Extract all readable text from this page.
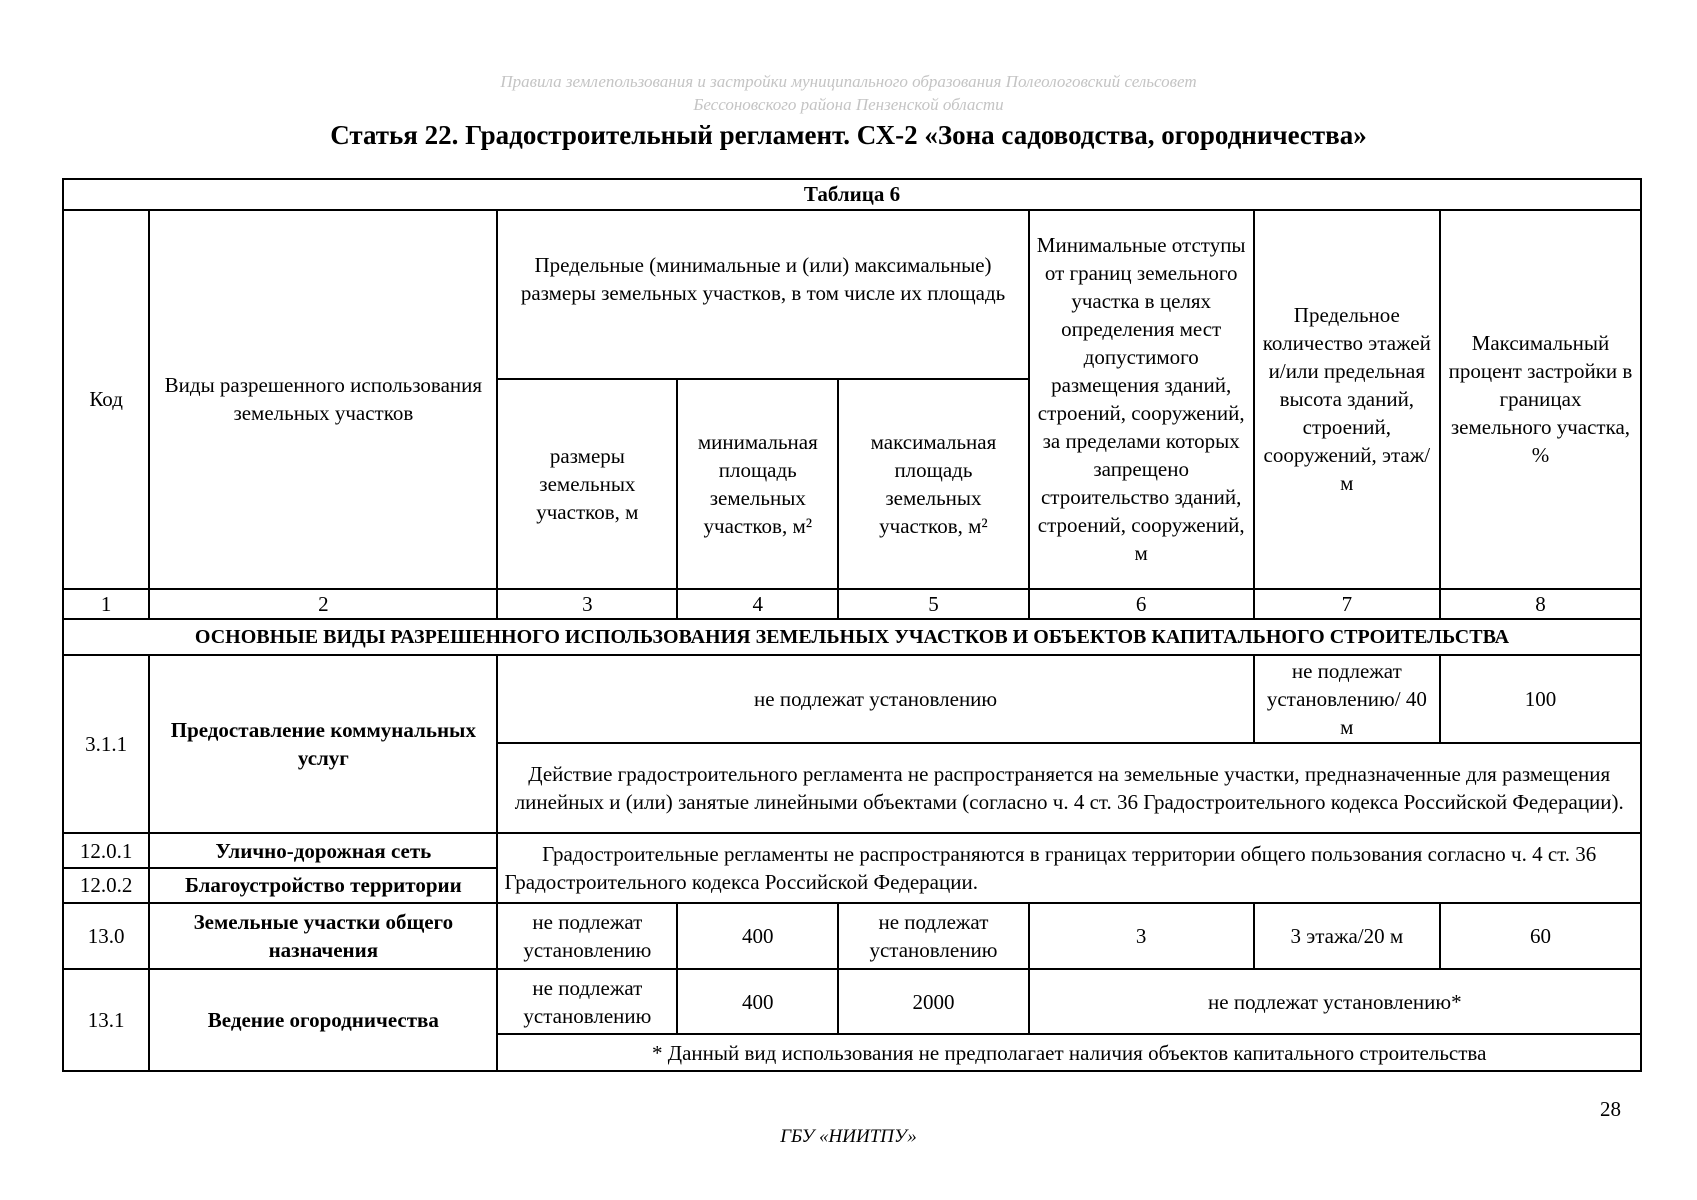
Правила землепользования и застройки муниципального образования Полеологовский сельсовет
Бессоновского района Пензенской области
Статья 22. Градостроительный регламент. СХ-2 «Зона садоводства, огородничества»
Таблица 6							
Код	Виды разрешенного использования земельных участков	Предельные (минимальные и (или) максимальные) размеры земельных участков, в том числе их площадь			Минимальные отступы от границ земельного участка в целях определения мест допустимого размещения зданий, строений, сооружений, за пределами которых запрещено строительство зданий, строений, сооружений, м	Предельное количество этажей и/или предельная высота зданий, строений, сооружений, этаж/м	Максимальный процент застройки в границах земельного участка, %
		размеры земельных участков, м	минимальная площадь земельных участков, м²	максимальная площадь земельных участков, м²			
1	2	3	4	5	6	7	8
ОСНОВНЫЕ ВИДЫ РАЗРЕШЕННОГО ИСПОЛЬЗОВАНИЯ ЗЕМЕЛЬНЫХ УЧАСТКОВ И ОБЪЕКТОВ КАПИТАЛЬНОГО СТРОИТЕЛЬСТВА							
3.1.1	Предоставление коммунальных услуг	не подлежат установлению				не подлежат установлению/ 40 м	100
		Действие градостроительного регламента не распространяется на земельные участки, предназначенные для размещения линейных и (или) занятые линейными объектами (согласно ч. 4 ст. 36 Градостроительного кодекса Российской Федерации).					
12.0.1	Улично-дорожная сеть	Градостроительные регламенты не распространяются в границах территории общего пользования согласно ч. 4 ст. 36 Градостроительного кодекса Российской Федерации.					
12.0.2	Благоустройство территории						
13.0	Земельные участки общего назначения	не подлежат установлению	400	не подлежат установлению	3	3 этажа/20 м	60
13.1	Ведение огородничества	не подлежат установлению	400	2000	не подлежат установлению*		
		* Данный вид использования не предполагает наличия объектов капитального строительства					
28
ГБУ «НИИТПУ»
